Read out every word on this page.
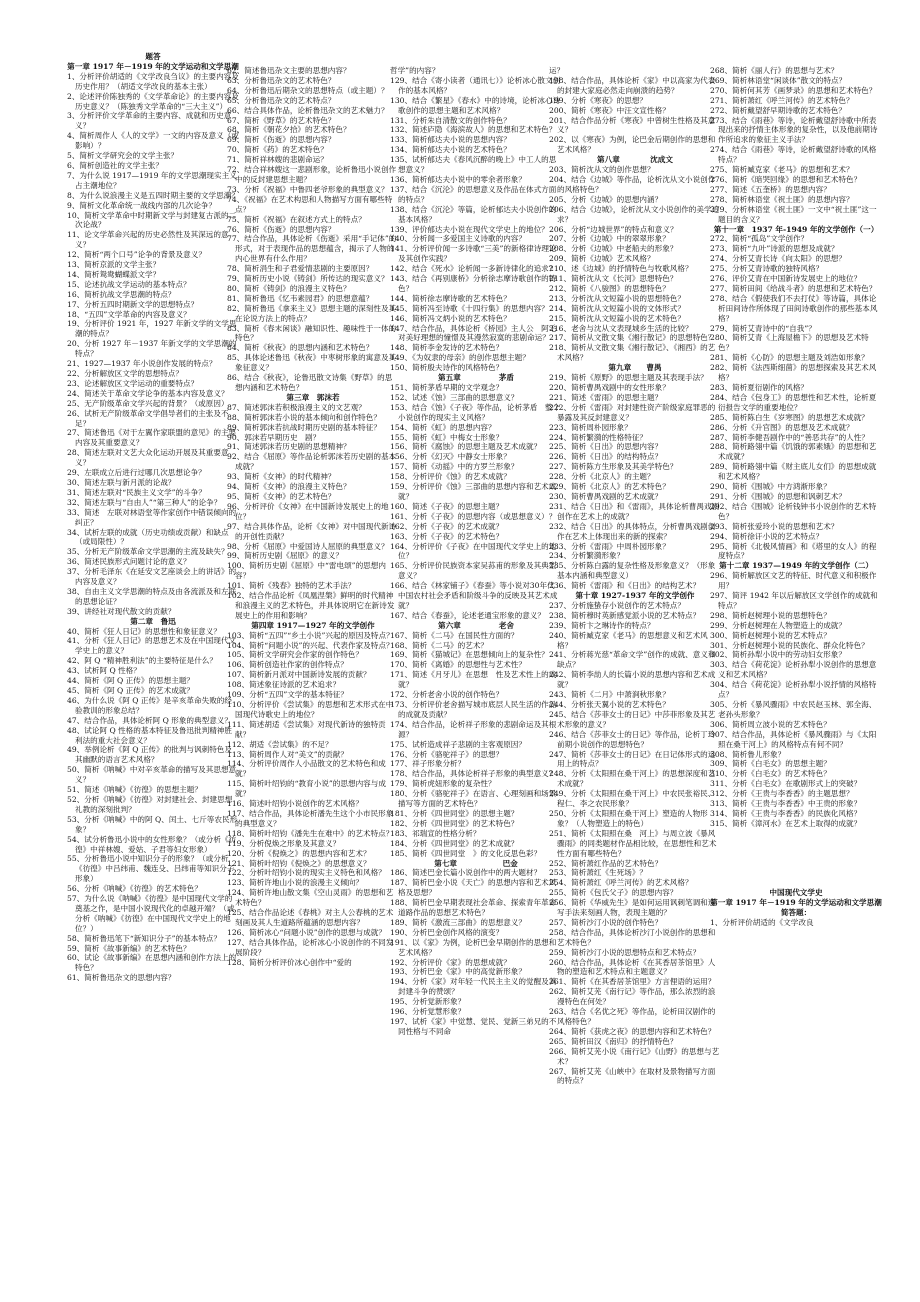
题答

第一章 1917 年－1919 年的文学运动和文学思潮

1、分析评价胡适的《文学改良刍议》的主要内容及历史作用？（胡适文学改良的基本主张）

2、论述评价陈独秀的《文学革命论》的主要内容及历史意义？（陈独秀文学革命的“三大主义”）

3、分析评价文学革命的主要内容、成就和历史意义？

4、简析周作人《人的文学》一文的内容及意义（或影响）？

5、简析文学研究会的文学主张？

6、简析创造社的文学主张？

7、为什么说 1917—1919 年的文学思潮现实主义占主潮地位？

8、为什么说浪漫主义是五四时期主要的文学思潮？

9、简析文化革命统一战线内部的几次论争？

10、简析文学革命中时期新文学与封建复古派的二次论战？

11、论文学革命兴起的历史必然性及其深远的意义？

12、简析“两个口号”论争的背景及意义？

13、简析京派的文学主张？

14、简析鸳鸯蝴蝶派文学？

15、论述抗战文学运动的基本特点？

16、简析抗战文学思潮的特点？

17、分析五四时期新文学的思想特点？

18、“五四”文学革命的内容及意义？

19、分析评价 1921 年，1927 年新文学的文学思潮的特点？

20、分析 1927 年－1937 年新文学的文学思潮的特点？

21、1927—1937 年小说创作发展的特点？

22、分析解放区文学的思想特点？

23、论述解放区文学运动的重要特点？

24、简述关于革命文学论争的基本内容及意义？

25、无产阶级革命文学兴起的背景？（或原因）

26、试析无产阶级革命文学倡导者们的主张及不足？

27、简述鲁迅《对于左翼作家联盟的意见》的主要内容及其重要意义？

28、简述左联对文艺大众化运动开展及其重要意义？

29、左联成立后进行过哪几次思想论争？

30、简述左联与新月派的论战？

31、简述左联对“民族主义文学”的斗争？

32、简述左联与“自由人”“第三种人”的论争？

33、简述　左联对林语堂等作家创作中错误倾向的纠正？

34、试析左联的成就（历史功绩或贡献）和缺点（或局限性）？

35、分析无产阶级革命文学思潮的主流及缺失？

36、简述民族形式问题讨论的意义？

37、分析毛泽东《在延安文艺座谈会上的讲话》的内容及意义？

38、自由主义文学思潮的特点及由各流派及和左联的思想论证？

39、讲经社对现代散文的贡献？

第二章　鲁迅

40、简析《狂人日记》的思想性和象征意义？

41、分析《狂人日记》的思想艺术及在中国现代文学史上的意义？

42、阿 Q “精神胜利法”的主要特征是什么？

43、试析阿 Q 性格？

44、简析《阿 Q 正传》的思想主题？

45、简析《阿 Q 正传》的艺术成就？

46、为什么说《阿 Q 正传》是辛亥革命失败的经验教训的形象总结？

47、结合作品，具体论析阿 Q 形象的典型意义？

48、试论阿 Q 性格的基本特征及鲁迅批判精神胜利法的重大社会意义？

49、举例论析《阿 Q 正传》的批判与讽刺特色及其幽默的语言艺术风格？

50、简析《呐喊》中对辛亥革命的描写及其思想意义？

51、简述《呐喊》《彷徨》的思想主题？

52、分析《呐喊》《彷徨》对封建社会、封建思想礼教的深刻批判？

53、分析《呐喊》中的阿 Q、闰土、七斤等农民形象？

54、试分析鲁迅小说中的女性形象？（或分析《彷徨》中祥林嫂、爱姑、子君等妇女形象）

55、分析鲁迅小说中知识分子的形象？（或分析《彷徨》中吕纬甫、魏连殳、吕纬甫等知识分子形象）

56、分析《呐喊》《彷徨》的艺术特色？

57、为什么说《呐喊》《彷徨》是中国现代文学的奠基之作，是中国小说现代化的卓越开端？（或分析《呐喊》《彷徨》在中国现代文学史上的地位？）

58、简析鲁迅笔下“新知识分子”的基本特点？

59、简析《故事新编》的艺术特色？

60、试论《故事新编》在思想内涵和创作方法上的特色？

61、简析鲁迅杂文的思想内容？

62、简述鲁迅杂文主要的思想内容？

63、分析鲁迅杂文的艺术特色？

64、分析鲁迅后期杂文的思想特点（或主题）？

65、分析鲁迅杂文的艺术特点？

66、结合具体作品，论析鲁迅杂文的艺术魅力？

67、简析《野草》的艺术特色？

68、简析《朝花夕拾》的艺术特色？

69、简析《伤逝》的思想内容？

70、简析《药》的艺术特色？

71、简析祥林嫂的悲剧命运？

72、结合祥林嫂这一悲剧形象，论析鲁迅小说创作中的反封建思想主题？

73、分析《祝福》中鲁四老爷形象的典型意义？

74、《祝福》在艺术构思和人物描写方面有哪些特点？

75、简析《祝福》在叙述方式上的特点？

76、简析《伤逝》的思想内容？

77、结合作品，具体论析《伤逝》采用“手记体”的形式，对于表现作品的思想蕴含，揭示了人物的内心世界有什么作用？

78、简析涓生和子君爱情悲剧的主要原因？

79、简析历史小说《铸剑》所传达的现实意义？

80、简析《铸剑》的浪漫主义特色？

81、简析鲁迅《忆韦素园君》的思想意蕴？

82、简析鲁迅《拿来主义》思想主题的深刻性及其在论说方法上的特点？

83、简析《春末闲谈》融知识性、趣味性于一体的特色？

84、简析《秋夜》的思想内涵和艺术特色？

85、具体论述鲁迅《秋夜》中枣树形象的寓意及其象征意义？

86、结合《秋夜》，论鲁迅散文诗集《野草》的思想内涵和艺术特色？

第三章　郭沫若

87、简述郭沫若积极浪漫主义的文艺观？

88、简析郭沫若小说的基本倾向和创作特色？

89、简析郭沫若抗战时期历史剧的基本特征？

90、郭沫若早期历史　剧？

91、简述郭沫若历史剧的思想精神？

92、结合《屈原》等作品论析郭沫若历史剧的基本成就？

93、简析《女神》的时代精神？

94、简析《女神》的浪漫主义特色？

95、简析《女神》的艺术特色？

96、分析评价《女神》在中国新诗发展史上的地位？

97、结合具体作品，论析《女神》对中国现代新诗的开创性贡献？

98、分析《屈原》中爱国诗人屈原的典型意义？

99、简析历史剧《屈原》的意义？

100、简析历史剧《屈原》中“雷电颂”的思想内容？

101、简析《残春》独特的艺术手法？

102、结合作品论析《凤凰涅槃》鲜明的时代精神和浪漫主义的艺术特色，并具体说明它在新诗发展史上的作用和影响？

第四章 1917—1927 年的文学创作

103、简析“五四”“乡土小说”兴起的原因及特点？

104、简析“问题小说”的兴起、代表作家及特点？

105、简析文学研究会作家的创作特色？

106、简析创造社作家的创作特点？

107、简析新月派对中国新诗发展的贡献？

108、简述象征诗派的艺术追求？

109、分析“五四”文学的基本特征？

110、分析评价《尝试集》的思想和艺术形式在中国现代诗歌史上的地位？

111、简述胡适《尝试集》对现代新诗的独特贡献？

112、胡适《尝试集》的不足？

113、简析周作人对“美文”的贡献？

114、分析评价周作人小品散文的艺术特色和成就？

115、简析叶绍钧的“教育小说”的思想内容与成就？

116、简述叶绍钧小说创作的艺术风格？

117、结合作品，具体论析潘先生这个小市民形象的典型意义？

118、简析叶绍钧《潘先生在难中》的艺术特点？

119、分析倪焕之形象及其意义？

120、分析《倪焕之》的思想内容和艺术？

121、简析叶绍钧《倪焕之》的思想意义？

122、分析叶绍钧小说的现实主义特色和风格？

123、简析许地山小说的浪漫主义倾向？

124、简析许地山散文集《空山灵雨》的思想和艺术特色？

125、结合作品论述《春桃》对主人公春桃的艺术刻画及其人生道路所蕴涵的思想内容？

126、简析冰心“问题小说”创作的思想与成就？

127、结合具体作品，论析冰心小说创作的不同发展阶段？

128、简析分析评价冰心创作中“爱的

哲学”的内容？

129、结合《寄小读者（通讯七）》论析冰心散文创作的基本风格？

130、结合《繁星》《春水》中的诗境，论析冰心诗歌创作的思想主题和艺术风格？

131、分析朱自清散文的创作特色？

132、简述庐隐《海滨故人》的思想和艺术特色？

133、简析郁达夫小说的思想内容？

134、简析郁达夫小说的艺术特色？

135、试析郁达夫《春风沉醉的晚上》中工人的思想意义？

136、简析郁达夫小说中的零余者形象？

137、结合《沉沦》的思想意义及作品在体式方面的特点？

138、结合《沉沦》等篇，论析郁达夫小说创作的基本风格？

139、评价郁达夫小说在现代文学史上的地位？

140、分析闻一多爱国主义诗歌的内容？

141、分析评价闻一多诗歌“三美”的新格律诗理论及其创作实践？

142、结合《死水》论析闻一多新诗律化的追求？

143、结合《再别康桥》分析徐志摩诗歌创作的特色？

144、简析徐志摩诗歌的艺术特色？

145、简析冯至诗歌《十四行集》的思想内容？

146、简析冯文炳小说的艺术特色？

147、结合作品，具体论析《桥园》主人公　阿毛对美好理想的憧憬及其漫然寂寞的悲剧命运？

148、简析李金发诗的艺术特色？

149、《为奴隶的母亲》的创作思想主题？

150、简析殷夫诗作的风格特色？

第五章　　　　　茅盾

151、简析茅盾早期的文学观念？

152、试述《蚀》三部曲的思想意义？

153、结合《蚀》《子夜》等作品，论析茅盾　整个小说创作的现实主义风格？

154、简析《虹》的思想内容？

155、简析《虹》中梅女士形象？

156、简析《腐蚀》的思想主题及艺术成就？

156、分析《幻灭》中静女士形象？

157、简析《动摇》中的方罗兰形象？

158、分析评价《蚀》的艺术成就？

159、分析评价《蚀》三部曲的思想内容和艺术成就？

160、简述《子夜》的思想主题？

161、分析《子夜》的思想内容（或思想意义）？

162、分析《子夜》的艺术成就？

163、分析《子夜》的艺术特色？

164、分析评价《子夜》在中国现代文学史上的地位？

165、分析评价民族资本家吴荪甫的形象及其典型意义？

166、结合《林家铺子》《春蚕》等小说对30年代中国农村社会矛盾和阶级斗争的反映及其艺术成就？

167、结合《春蚕》，论述老通宝形象的意义？

第六章　　　　　老舍

167、简析《二马》在国民性方面的？

168、简析《二马》的艺术？

169、简析《猫城记》在思想倾向上的复杂性？

170、简析《离婚》的思想性与艺术性？

171、简述《月牙儿》在思想　性及艺术性上的成就？

172、分析老舍小说的创作特色？

173、分析评价老舍描写城市底层人民生活的作品的成就及贡献？

174、结合作品，论析祥子形象的悲剧命运及其根源？

175、试析造成祥子悲剧的主客观原因？

176、分析《骆驼祥子》的思想？

177、祥子形象分析？

178、结合作品，具体论析祥子形象的典型意义？

179、简析虎妞形象的复杂性？

180、分析《骆驼祥子》在语言、心理刻画和场景描写等方面的艺术特色？

181、分析《四世同堂》的思想主题？

182、分析《四世同堂》的艺术特色？

183、祁瑞宣的性格分析？

184、分析《四世同堂》的艺术成就？

185、简析《四世同堂　》的文化反思色彩？

第七章　　　　　　巴金

186、简述巴金长篇小说创作中的两大题材？

187、简析巴金小说《天亡》的思想内容和艺术风格及思想？

188、简析巴金早期表现社会革命、探索青年革命道路作品的思想艺术特色？

189、简析《激流三部曲》的思想意义？

190、分析巴金创作风格的演变？

191、以《家》为例，论析巴金早期创作的思想和艺术风格？

192、分析评价《家》的思想成就？

193、分析巴金《家》中的高觉新形象？

194、分析《家》对年轻一代民主主义的觉醒及其封建斗争的赞颂？

195、分析觉新形象？

196、分析觉慧形象？

197、试析《家》中觉慧、觉民、觉新三弟兄的不同性格与不同命

运？

198、结合作品，具体论析《家》中以高家为代表的封建大家庭必然走向崩溃的趋势？

199、分析《寒夜》的思想？

200、简析《寒夜》中汪文宣性格？

201、结合作品分析《寒夜》中曾树生性格及其意义？

202、以《寒夜》为例，论巴金后期创作的思想和艺术风格？

第八章　　　　沈成文

203、简析沈从文的创作思想？

204、结合《边城》等作品，论析沈从文小说创作的风格特色？

205、分析《边城》的思想内涵？

206、结合《边城》，论析沈从文小说创作的美学追求？

206、分析“边城世界”的特点和意义？

207、分析《边城》中的翠翠形象？

208、分析《边城》中老船夫的形象？

209、简析《边城》艺术风格？

210、述《边城》的抒情特色与牧歌风格？

211、简析沈从文《长河》思想特色？

212、简析《八骏图》的思想特色？

213、分析沈从文短篇小说的思想特色？

214、简析沈从文短篇小说的文体形式？

215、简析沈从文短篇小说的艺术特色？

216、老舍与沈从文表现城乡生活的比较？

217、简析从文散文集《湘行散记》的思想特色？

218、简析从文散文集《湘行散记》、《湘西》的艺术风格？

第九章　　曹禺

219、简析《原野》的思想主题及其表现手法？

220、简析曹禺戏剧中的女性形象？

221、简述《雷雨》的思想主题？

222、分析《雷雨》对封建性资产阶级家庭罪恶的暴露及其反封建意义？

223、简析周朴园形象？

224、简析繁漪的性格特征？

225、简析《日出》的思想内容？

226、简析《日出》的结构特点？

227、简析陈方生形象及其美学特色？

228、分析《北京人》的主题？

229、简析《北京人》的艺术特色？

230、简析曹禺戏剧的艺术成就？

231、结合《日出》和《雷雨》，具体论析曹禺戏剧创作在艺术上的成就？

232、结合《日出》的具体特点，分析曹禺戏剧创作在艺术上体现出来的新的探索？

233、分析《雷雨》中周朴园形象？

234、分析繁漪形象？

235、分析陈白露的复杂性格及形象意义？（形象基本内涵和典型意义）

236、简析《雷雨》和《日出》的结构艺术？

第十章 1927-1937 年的文学创作

237、分析施蛰存小说创作的艺术特点？

238、简析穆时英新感觉派小说的艺术特点？

239、简析卞之琳诗作的特点？

240、简析臧克家《老马》的思想意义和艺术风格？

241、分析蒋光慈“革命文学”创作的成就、意义和缺点？

242、简析李劼人的长篇小说的思想内容和艺术成就？

243、简析《二月》中萧涧秋形象？

244、分析张天翼小说的艺术特色？

245、结合《莎菲女士的日记》中莎菲形象及其艺术形象的意义？

246、结合《莎菲女士的日记》等作品，论析丁玲前期小说创作的思想特色？

247、简析《莎菲女士的日记》在日记体形式的运用上的特点？

248、分析《太阳照在桑干河上》的思想深度和艺术成就？

249、分析《太阳照在桑干河上》中农民张裕民、程仁、李之农民形象？

250、分析《太阳照在桑干河上》塑造的人物形象？（人物塑造上的特色）

251、简析《太阳照在桑　河上》与周立波《暴风骤雨》的同类题材作品相比较，在思想性和艺术性方面有哪些特色？

252、简析萧红作品的艺术特色？

253、简析萧红《生死场》？

254、简析萧红《呼兰河传》的艺术风格？

255、简析《包氏父子》的思想内容？

256、简析《华威先生》是如何运用讽刺笔调和速写手法来刻画人物，表现主题的？

257、简析沙汀小说的创作特色？

258、结合作品，具体论析沙汀小说创作的思想和艺术特色？

259、简析沙汀小说的思想特点和艺术特点？

260、结合作品，具体论析《在其香居茶馆里》人物的塑造和艺术特点和主题意义？

261、简析《在其香居茶馆里》方言俚语的运用？

262、简析艾芜《南行记》等作品，那么浓烈的浪漫特色在何处？

263、结合《名优之死》等作品，论析田汉剧作的风格特色？

264、简析《获虎之夜》的思想内容和艺术特色？

265、简析田汉《南归》的抒情特色？

266、简析艾芜小说《南行记》《山野》的思想与艺术？

267、简析艾芜《山峡中》在取材及景物描写方面的特点？

268、简析《丽人行》的思想与艺术？

269、简析林语堂“闲谈体”散文的特点？

270、简析何其芳《画梦录》的思想和艺术特色？

271、简析萧红《呼兰河传》的艺术特色？

272、简析戴望舒早期诗歌的艺术特色？

273、结合《雨巷》等诗，论析戴望舒诗歌中所表现出来的抒情主体形象的复杂性，以及他前期诗作所追求的象征主义手法？

274、结合《雨巷》等诗，论析戴望舒诗歌的风格特点？

275、简析臧克家《老马》的思想和艺术？

276、简析《暗哭回缘》的思想和艺术特色？

277、简述《五奎桥》的思想内容？

278、简析林语堂《祝土匪》的思想内容？

279、分析林语堂《祝土匪》一文中“祝土匪”这一题目的含义？

第十一章　1937 年-1949 年的文学创作（一）

272、简析“孤岛”文学创作？

273、简析“九叶”诗派的思想及成就？

274、分析艾青长诗《向太阳》的思想？

275、分析艾青诗歌的独特风格？

276、评价艾青在中国新诗发展史上的地位？

277、简析田间《给战斗者》的思想和艺术特色？

278、结合《假使我们不去打仗》等诗篇，具体论析田间诗作所体现了田间诗歌创作的那些基本风格？

279、简析艾青诗中的“自我”？

280、简析艾青《上海屋檐下》的思想及艺术特色？

281、简析《心防》的思想主题及刘浩如形象？

282、简析《法西斯细菌》的思想探索及其艺术风格？

283、简析夏衍剧作的风格？

284、结合《包身工》的思想性和艺术性，论析夏衍报告文学的重要地位？

285、简析陈白生《岁寒图》的思想艺术成就？

286、分析《升官图》的思想及艺术成就？

287、简析李健吾剧作中的“善恶共存”的人性？

288、简析路翎中篇《饥饿的郭素娥》的思想和艺术成就？

289、简析路翎中篇《财主底儿女们》的思想成就和艺术风格？

290、简析《围城》中方鸿渐形象？

291、分析《围城》的思想和讽刺艺术？

292、结合《围城》论析钱钟书小说创作的艺术特色？

293、简析张爱玲小说的思想和艺术？

294、简析徐讦小说的艺术特点？

295、简析《北极风情画》和《塔里的女人》的程度特点？

第十二章 1937—1949 年的文学创作（二）

296、简析解放区文艺的特征、时代意义和积极作用？

297、简评 1942 年以后解放区文学创作的成就和特点？

298、简析赵树理小说的思想特色？

299、分析赵树理在人物塑造上的成就？

300、简析赵树理小说的艺术特点？

301、分析赵树理小说的民族化、群众化特色？

302、简析孙犁小说中的劳动妇女形象？

303、结合《荷花淀》论析孙犁小说创作的思想意义和艺术风格？

304、结合《荷花淀》论析孙犁小说抒情的风格特点？

305、分析《暴风骤雨》中农民赵玉林、郭全海、老孙头形象？

306、简析周立波小说的艺术特色？

307、结合作品，具体论析《暴风骤雨》与《太阳照在桑干河上》的风格特点有何不同？

308、简析鲁儿形象？

309、简析《白毛女》的思想主题？

310、分析《白毛女》的艺术特色？

311、分析《白毛女》在歌剧形式上的突破？

312、分析《王贵与李香香》的主题思想？

313、简析《王贵与李香香》中王贵的形象？

314、简析《王贵与李香香》的民族化风格？

315、简析《漳河水》在艺术上取得的成就？

中国现代文学史

第一章 1917 年－1919 年的文学运动和文学思潮

简答题：

1、分析评价胡适的《文学改良
